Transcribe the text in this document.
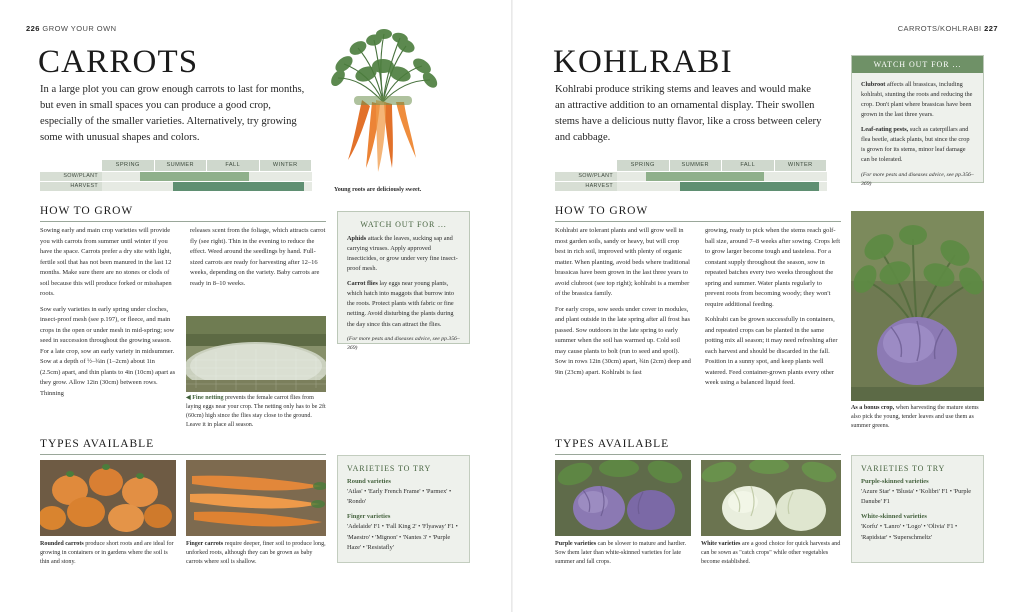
226 GROW YOUR OWN	CARROTS/KOHLRABI 227
CARROTS
In a large plot you can grow enough carrots to last for months, but even in small spaces you can produce a good crop, especially of the smaller varieties. Alternatively, try growing some with unusual shapes and colors.
Young roots are deliciously sweet.
SPRING	SUMMER	FALL	WINTER
SOW/PLANT
HARVEST
HOW TO GROW

Sowing early and main crop varieties will provide you with carrots from summer until winter if you have the space. Carrots prefer a dry site with light, fertile soil that has not been manured in the last 12 months. Make sure there are no stones or clods of soil because this will produce forked or misshapen roots.

Sow early varieties in early spring under cloches, insect-proof mesh (see p.197), or fleece, and main crops in the open or under mesh in mid-spring; sow seed in succession throughout the growing season. For a late crop, sow an early variety in midsummer. Sow at a depth of ½–¾in (1–2cm) about 1in (2.5cm) apart, and thin plants to 4in (10cm) apart as they grow. Allow 12in (30cm) between rows. Thinning

releases scent from the foliage, which attracts carrot fly (see right). Thin in the evening to reduce the effect. Weed around the seedlings by hand. Full-sized carrots are ready for harvesting after 12–16 weeks, depending on the variety. Baby carrots are ready in 8–10 weeks.

WATCH OUT FOR ...

Aphids attack the leaves, sucking sap and carrying viruses. Apply approved insecticides, or grow under very fine insect-proof mesh.

Carrot flies lay eggs near young plants, which hatch into maggots that burrow into the roots. Protect plants with fabric or fine netting. Avoid disturbing the plants during the day since this can attract the flies.

(For more pests and diseases advice, see pp.356–369)

◀ Fine netting prevents the female carrot flies from laying eggs near your crop. The netting only has to be 2ft (60cm) high since the flies stay close to the ground. Leave it in place all season.
TYPES AVAILABLE
Rounded carrots produce short roots and are ideal for growing in containers or in gardens where the soil is thin and stony.
Finger carrots require deeper, finer soil to produce long, unforked roots, although they can be grown as baby carrots where soil is shallow.
VARIETIES TO TRY
Round varieties
'Atlas' • 'Early French Frame' • 'Parmex' • 'Rondo'
Finger varieties
'Adelaide' F1 • 'Fall King 2' • 'Flyaway' F1 • 'Maestro' • 'Mignon' • 'Nantes 3' • 'Purple Haze' • 'Resistafly'
KOHLRABI
Kohlrabi produce striking stems and leaves and would make an attractive addition to an ornamental display. Their swollen stems have a delicious nutty flavor, like a cross between celery and cabbage.
SPRING	SUMMER	FALL	WINTER
SOW/PLANT
HARVEST
WATCH OUT FOR ...

Clubroot affects all brassicas, including kohlrabi, stunting the roots and reducing the crop. Don't plant where brassicas have been grown in the last three years.

Leaf-eating pests, such as caterpillars and flea beetle, attack plants, but since the crop is grown for its stems, minor leaf damage can be tolerated.

(For more pests and diseases advice, see pp.356–369)

HOW TO GROW

Kohlrabi are tolerant plants and will grow well in most garden soils, sandy or heavy, but will crop best in rich soil, improved with plenty of organic matter. When planting, avoid beds where traditional brassicas have been grown in the last three years to avoid clubroot (see top right); kohlrabi is a member of the brassica family.

For early crops, sow seeds under cover in modules, and plant outside in the late spring after all frost has passed. Sow outdoors in the late spring to early summer when the soil has warmed up. Cold soil may cause plants to bolt (run to seed and spoil). Sow in rows 12in (30cm) apart, ¾in (2cm) deep and 9in (23cm) apart. Kohlrabi is fast

growing, ready to pick when the stems reach golf-ball size, around 7–8 weeks after sowing. Crops left to grow larger become tough and tasteless. For a constant supply throughout the season, sow in repeated batches every two weeks throughout the spring and summer. Water plants regularly to prevent roots from becoming woody; they won't require additional feeding.

Kohlrabi can be grown successfully in containers, and repeated crops can be planted in the same potting mix all season; it may need refreshing after each harvest and should be discarded in the fall. Position in a sunny spot, and keep plants well watered. Feed container-grown plants every other week using a balanced liquid feed.

As a bonus crop, when harvesting the mature stems also pick the young, tender leaves and use them as summer greens.
TYPES AVAILABLE
Purple varieties can be slower to mature and hardier. Sow them later than white-skinned varieties for late summer and fall crops.
White varieties are a good choice for quick harvests and can be sown as "catch crops" while other vegetables become established.
VARIETIES TO TRY
Purple-skinned varieties
'Azure Star' • 'Blusta' • 'Kolibri' F1 • 'Purple Danube' F1
White-skinned varieties
'Korfu' • 'Lanro' • 'Logo' • 'Olivia' F1 • 'Rapidstar' • 'Superschmeltz'
